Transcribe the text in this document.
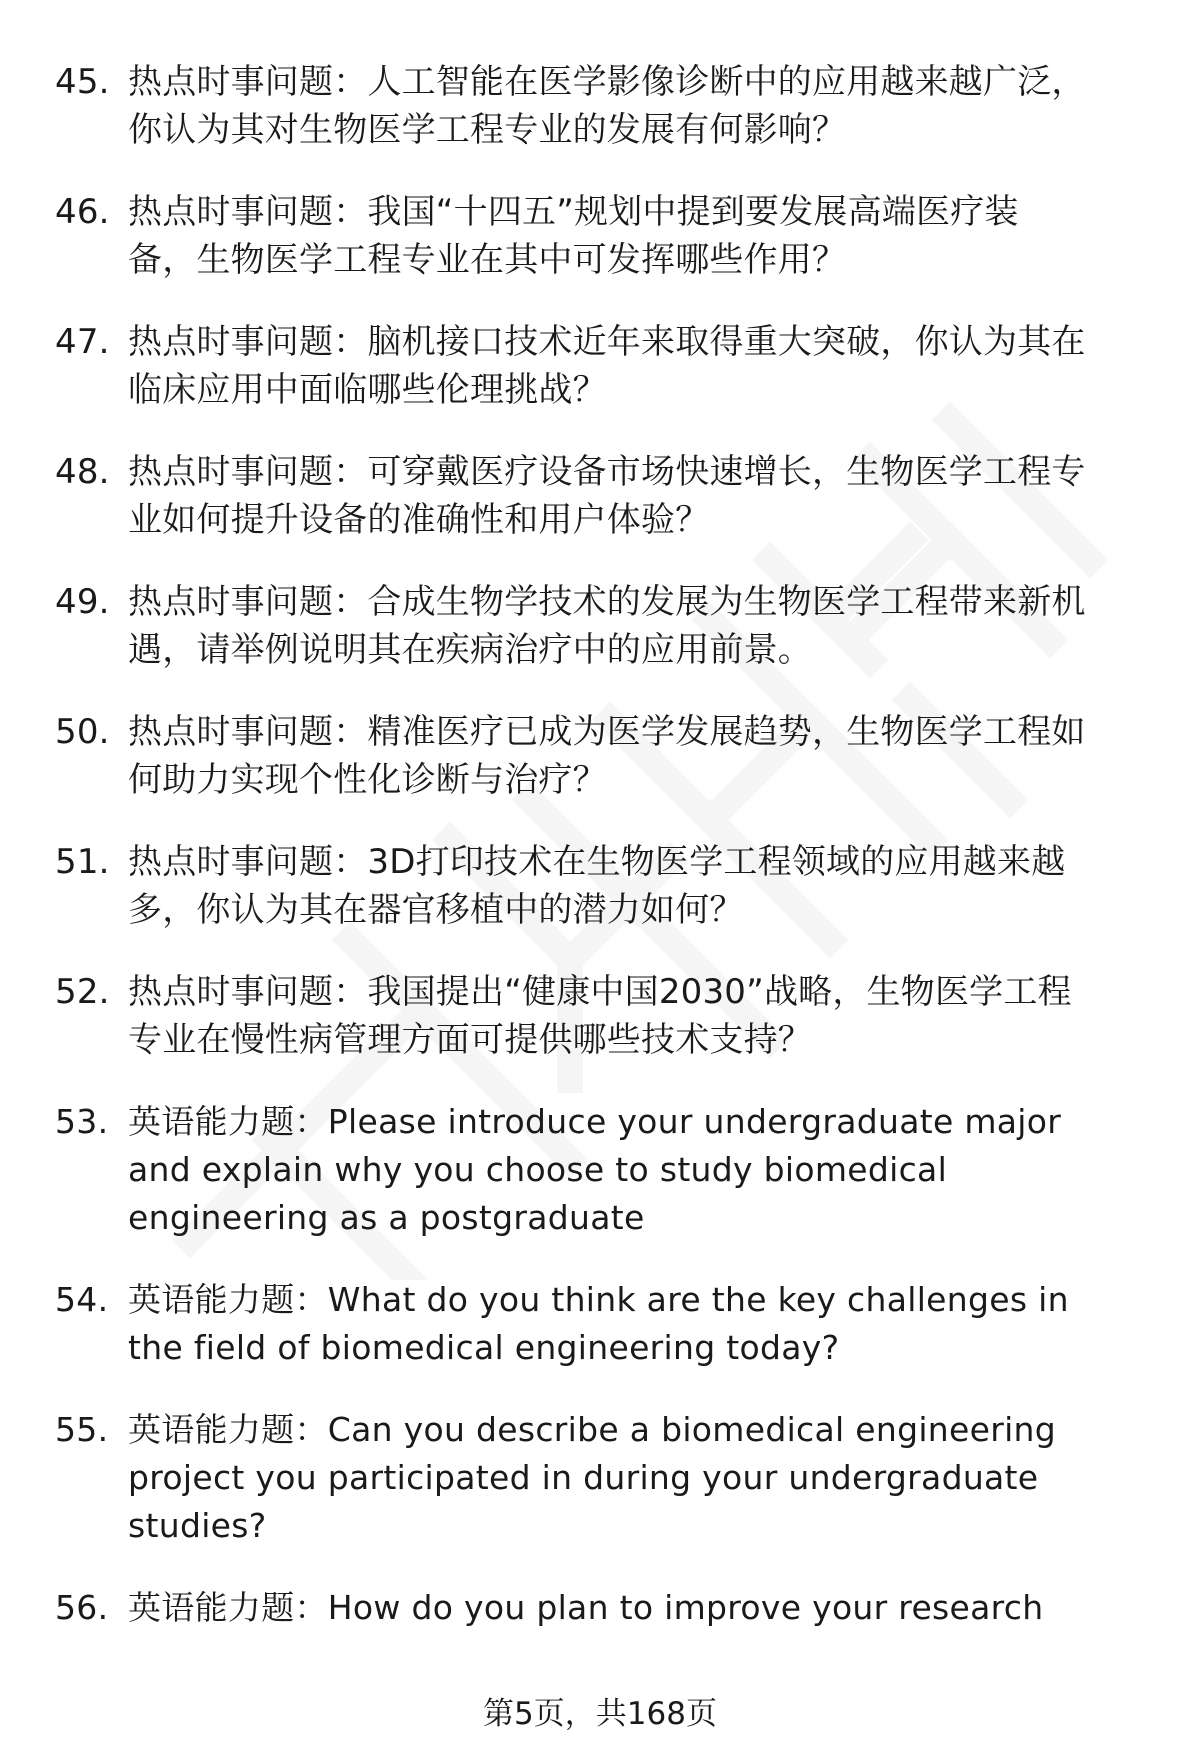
45. 热点时事问题：人工智能在医学影像诊断中的应用越来越广泛，
你认为其对生物医学工程专业的发展有何影响？
46. 热点时事问题：我国“十四五”规划中提到要发展高端医疗装
备，生物医学工程专业在其中可发挥哪些作用？
47. 热点时事问题：脑机接口技术近年来取得重大突破，你认为其在
临床应用中面临哪些伦理挑战？
48. 热点时事问题：可穿戴医疗设备市场快速增长，生物医学工程专
业如何提升设备的准确性和用户体验？
49. 热点时事问题：合成生物学技术的发展为生物医学工程带来新机
遇，请举例说明其在疾病治疗中的应用前景。
50. 热点时事问题：精准医疗已成为医学发展趋势，生物医学工程如
何助力实现个性化诊断与治疗？
51. 热点时事问题：3D打印技术在生物医学工程领域的应用越来越
多，你认为其在器官移植中的潜力如何？
52. 热点时事问题：我国提出“健康中国2030”战略，生物医学工程
专业在慢性病管理方面可提供哪些技术支持？
53. 英语能力题：Please introduce your undergraduate major
and explain why you choose to study biomedical
engineering as a postgraduate
54. 英语能力题：What do you think are the key challenges in
the field of biomedical engineering today?
55. 英语能力题：Can you describe a biomedical engineering
project you participated in during your undergraduate
studies?
56. 英语能力题：How do you plan to improve your research
第5页，共168页
